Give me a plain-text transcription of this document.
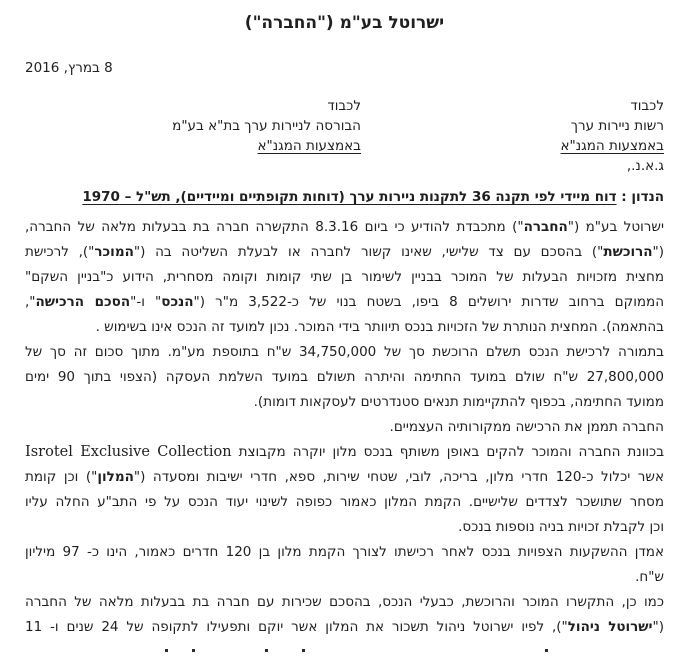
ישרוטל בע"מ ("החברה")
8 במרץ, 2016
לכבוד
רשות ניירות ערך
באמצעות המגנ"א
לכבוד
הבורסה לניירות ערך בת"א בע"מ
באמצעות המגנ"א
ג.א.נ.,
הנדון : דוח מיידי לפי תקנה 36 לתקנות ניירות ערך (דוחות תקופתיים ומיידיים), תש"ל – 1970
ישרוטל בע"מ ("החברה") מתכבדת להודיע כי ביום 8.3.16 התקשרה חברה בת בבעלות מלאה של החברה,
("הרוכשת") בהסכם עם צד שלישי, שאינו קשור לחברה או לבעלת השליטה בה ("המוכר"), לרכישת
מחצית מזכויות הבעלות של המוכר בבניין לשימור בן שתי קומות וקומה מסחרית, הידוע כ"בניין השקם"
הממוקם ברחוב שדרות ירושלים 8 ביפו, בשטח בנוי של כ-3,522 מ"ר ("הנכס" ו-"הסכם הרכישה",
בהתאמה). המחצית הנותרת של הזכויות בנכס תיוותר בידי המוכר. נכון למועד זה הנכס אינו בשימוש .
בתמורה לרכישת הנכס תשלם הרוכשת סך של 34,750,000 ש"ח בתוספת מע"מ. מתוך סכום זה סך של
27,800,000 ש"ח שולם במועד החתימה והיתרה תשולם במועד השלמת העסקה (הצפוי בתוך 90 ימים
ממועד החתימה, בכפוף להתקיימות תנאים סטנדרטים לעסקאות דומות).
החברה תממן את הרכישה ממקורותיה העצמיים.
בכוונת החברה והמוכר להקים באופן משותף בנכס מלון יוקרה מקבוצת Isrotel Exclusive Collection
אשר יכלול כ-120 חדרי מלון, בריכה, לובי, שטחי שירות, ספא, חדרי ישיבות ומסעדה ("המלון") וכן קומת
מסחר שתושכר לצדדים שלישיים. הקמת המלון כאמור כפופה לשינוי יעוד הנכס על פי התב"ע החלה עליו
וכן לקבלת זכויות בניה נוספות בנכס.
אמדן ההשקעות הצפויות בנכס לאחר רכישתו לצורך הקמת מלון בן 120 חדרים כאמור, הינו כ- 97 מיליון
ש"ח.
כמו כן, התקשרו המוכר והרוכשת, כבעלי הנכס, בהסכם שכירות עם חברה בת בבעלות מלאה של החברה
("ישרוטל ניהול"), לפיו ישרוטל ניהול תשכור את המלון אשר יוקם ותפעילו לתקופה של 24 שנים ו- 11
